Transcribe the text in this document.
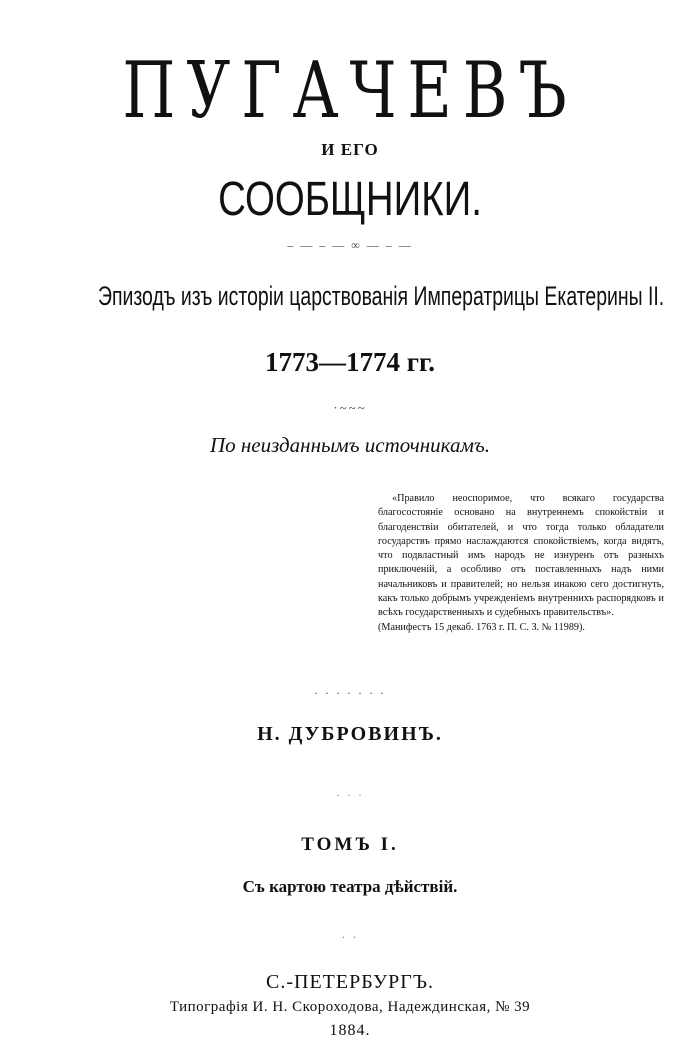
ПУГАЧЕВЪ
И ЕГО
СООБЩНИКИ.
– — – — ∞ — – —
Эпизодъ изъ исторіи царствованія Императрицы Екатерины II.
1773—1774 гг.
·~~~
По неизданнымъ источникамъ.
«Правило неоспоримое, что всякаго государства благосостояніе основано на внутреннемъ спокойствіи и благоденствіи обитателей, и что тогда только обладатели государствъ прямо наслаждаются спокойствіемъ, когда видятъ, что подвластный имъ народъ не изнуренъ отъ разныхъ приключеній, а особливо отъ поставленныхъ надъ ними начальниковъ и правителей; но нельзя инакою сего достигнуть, какъ только добрымъ учрежденіемъ внутреннихъ распорядковъ и всѣхъ государственныхъ и судебныхъ правительствъ».
(Манифестъ 15 декаб. 1763 г. П. С. З. № 11989).
· · · · · · ·
Н. ДУБРОВИНЪ.
· · ·
ТОМЪ I.
Съ картою театра дѣйствій.
· ·
С.-ПЕТЕРБУРГЪ.
Типографія И. Н. Скороходова, Надеждинская, № 39
1884.
